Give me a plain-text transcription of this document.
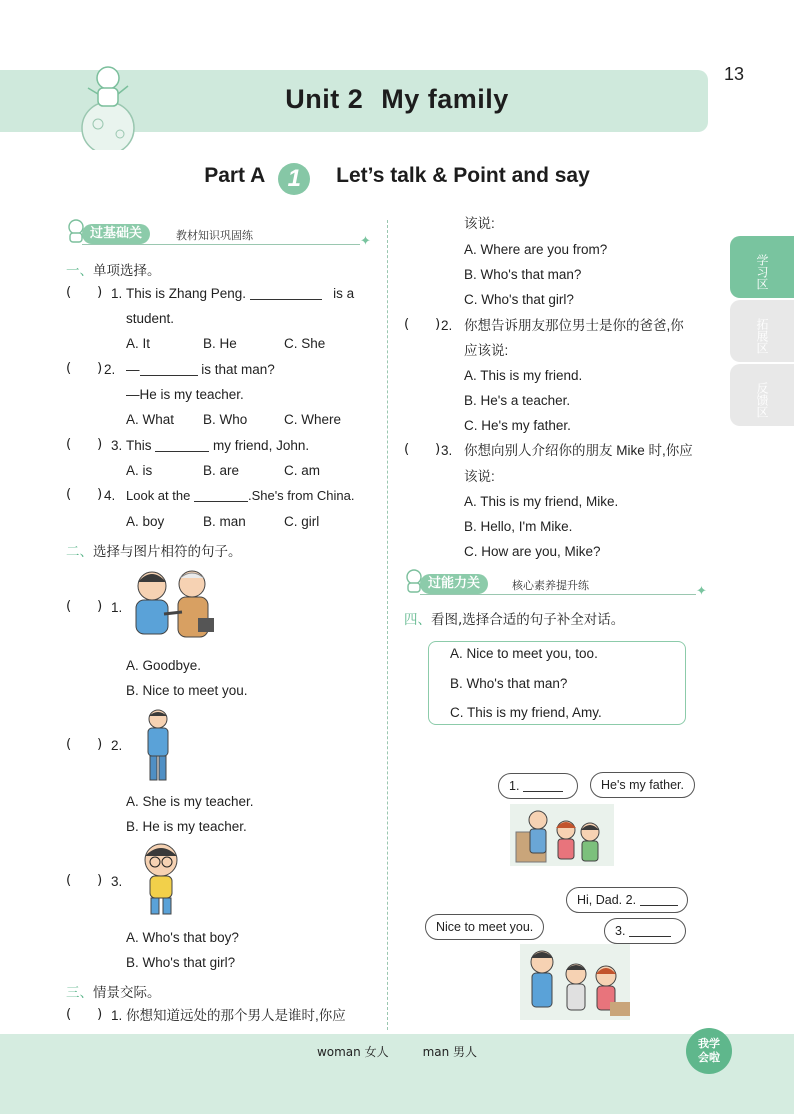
13
Unit 2 My family
Part A 1 Let’s talk & Point and say
学习区
拓展区
反馈区
过基础关	教材知识巩固练	✦
一、单项选择。
(      ) 1. This is Zhang Peng.	is a
student.
A. It	B. He	C. She
(      ) 2. —	is that man?
—He is my teacher.
A. What B. Who	C. Where
(      ) 3. This	my friend, John.
A. is	B. are	C. am
(      ) 4. Look at the	.She's from China.
A. boy	B. man	C. girl
二、选择与图片相符的句子。
(      ) 1.
A. Goodbye.
B. Nice to meet you.
(      ) 2.
A. She is my teacher.
B. He is my teacher.
(      ) 3.
A. Who's that boy?
B. Who's that girl?
三、情景交际。
(      ) 1. 你想知道远处的那个男人是谁时,你应
该说:
A. Where are you from?
B. Who's that man?
C. Who's that girl?
(      ) 2. 你想告诉朋友那位男士是你的爸爸,你
应该说:
A. This is my friend.
B. He's a teacher.
C. He's my father.
(      ) 3. 你想向别人介绍你的朋友 Mike 时,你应
该说:
A. This is my friend, Mike.
B. Hello, I'm Mike.
C. How are you, Mike?
过能力关	核心素养提升练	✦
四、看图,选择合适的句子补全对话。
A. Nice to meet you, too.
B. Who's that man?
C. This is my friend, Amy.
1.	He's my father.
Hi, Dad. 2.
Nice to meet you.	3.
woman 女人	man 男人
我学
会啦
